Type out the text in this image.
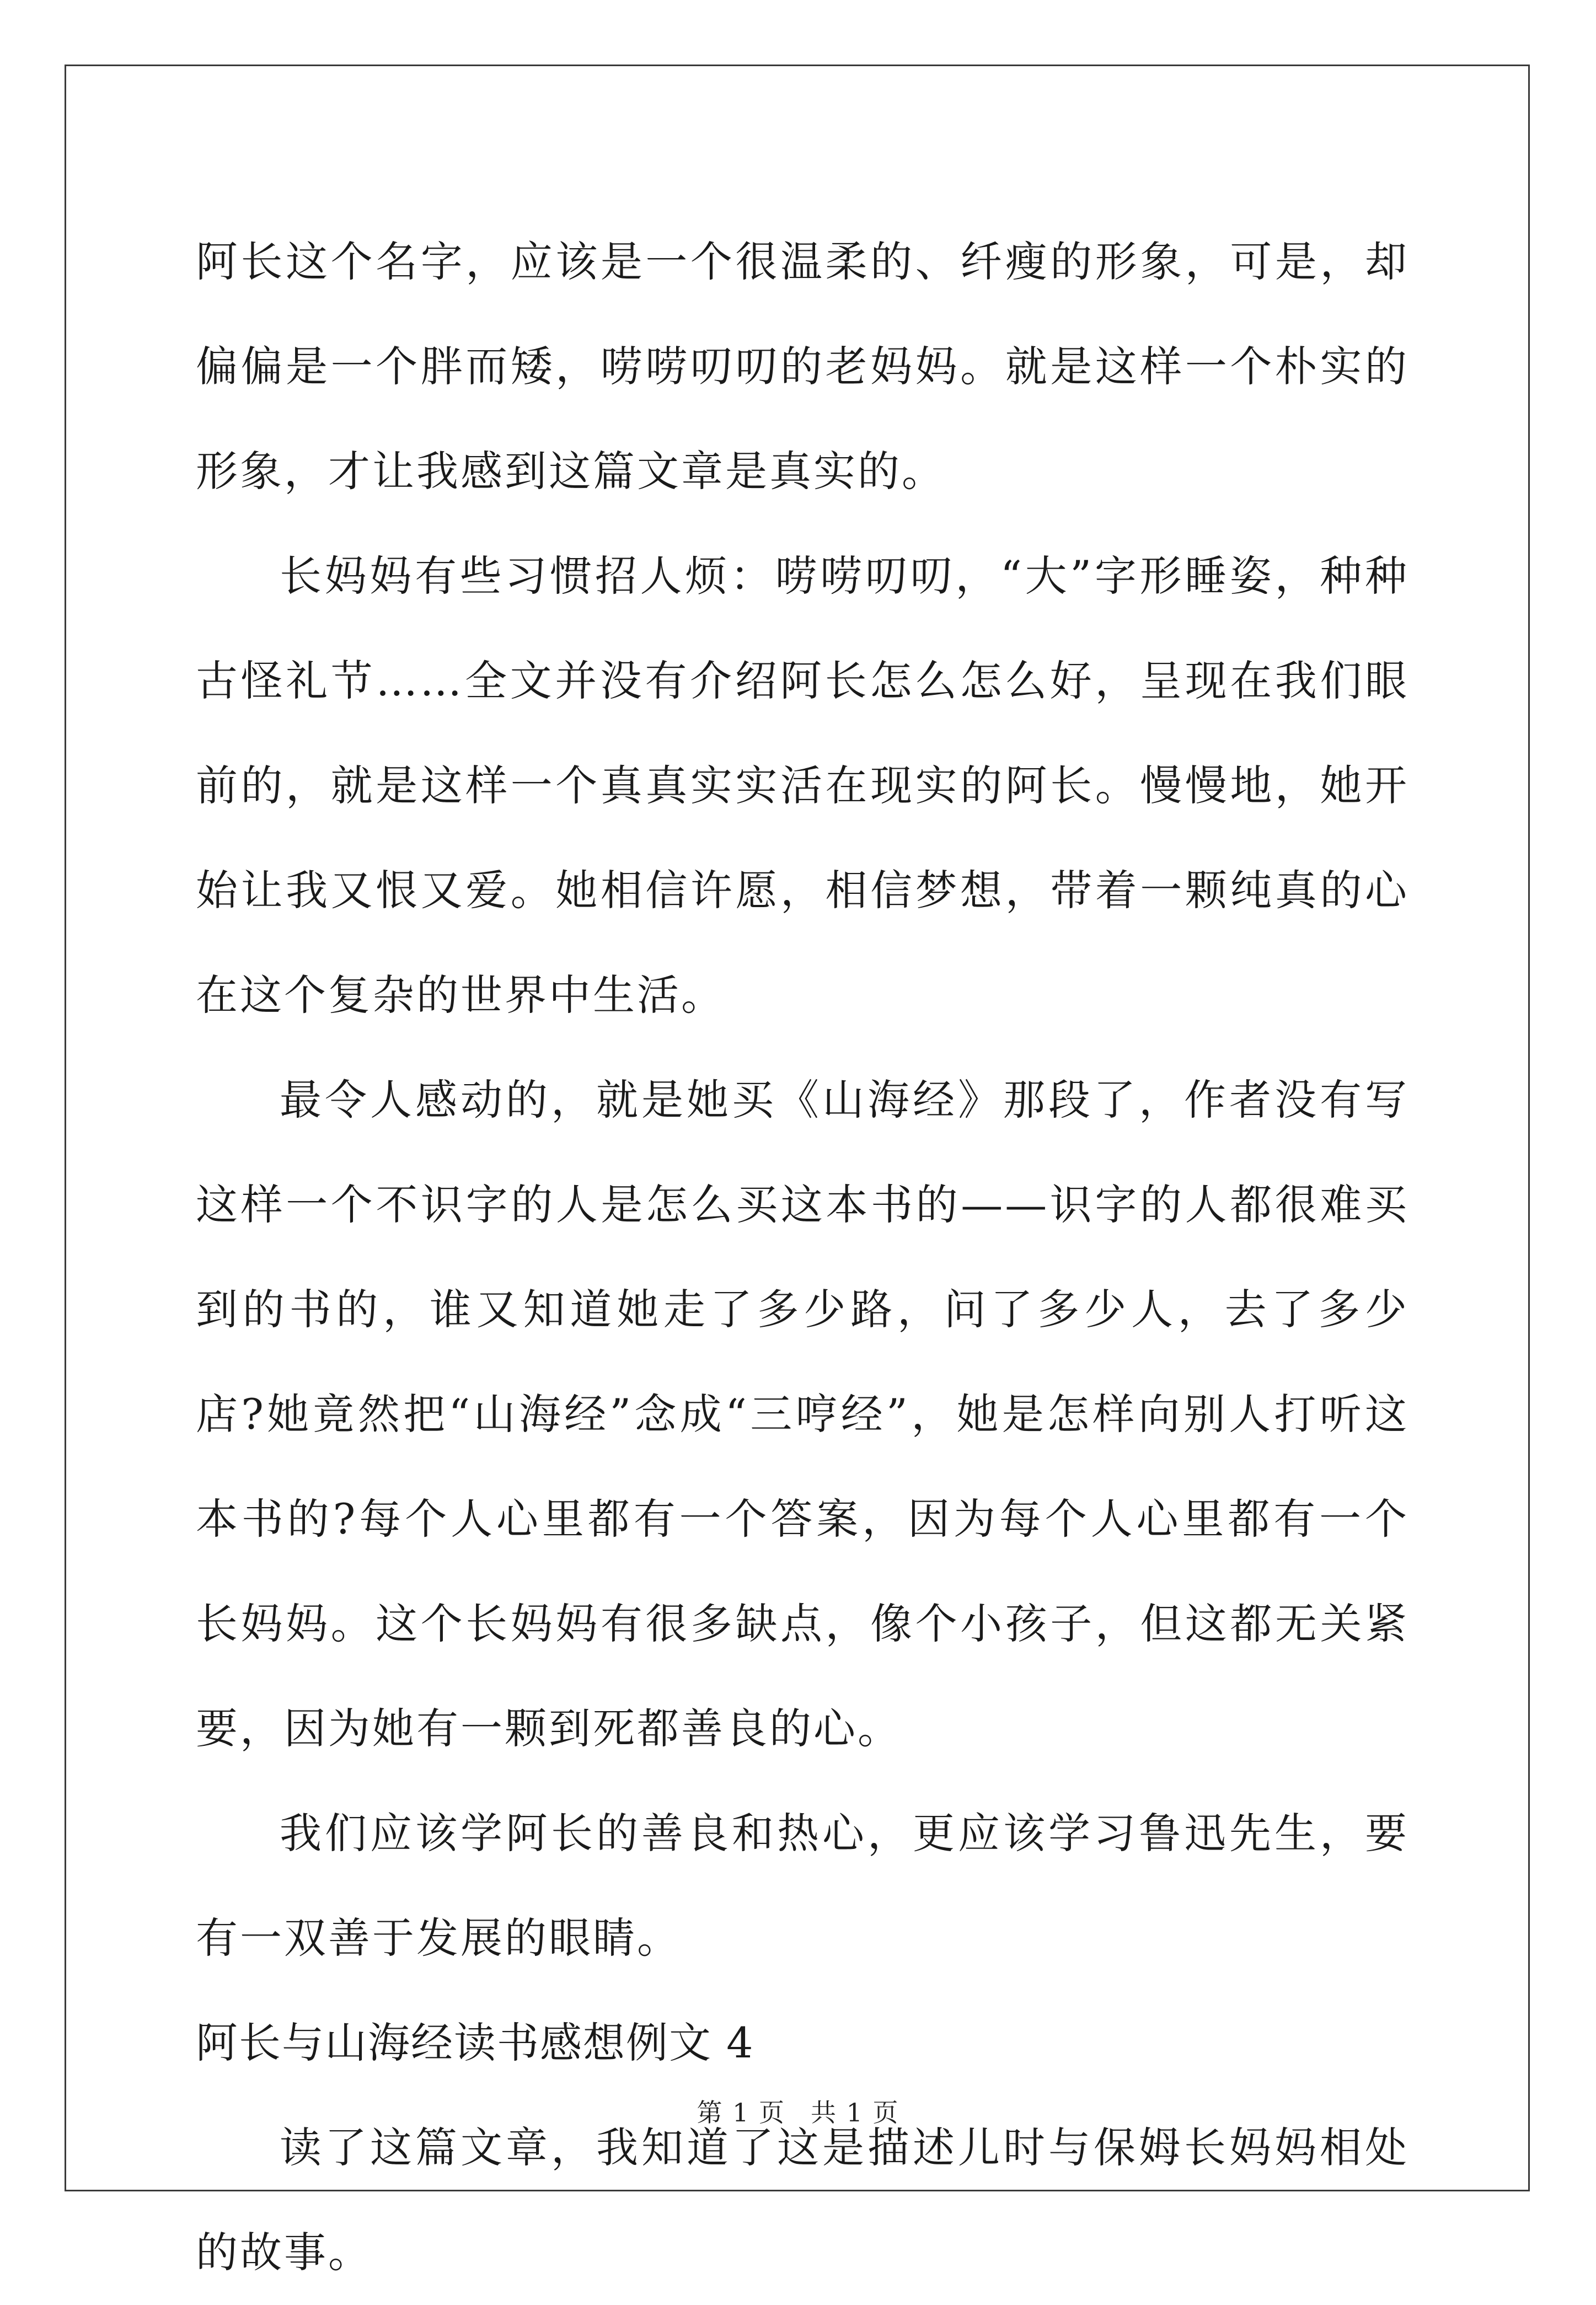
阿长这个名字，应该是一个很温柔的、纤瘦的形象，可是，却偏偏是一个胖而矮，唠唠叨叨的老妈妈。就是这样一个朴实的形象，才让我感到这篇文章是真实的。

长妈妈有些习惯招人烦：唠唠叨叨，“大”字形睡姿，种种古怪礼节……全文并没有介绍阿长怎么怎么好，呈现在我们眼前的，就是这样一个真真实实活在现实的阿长。慢慢地，她开始让我又恨又爱。她相信许愿，相信梦想，带着一颗纯真的心在这个复杂的世界中生活。

最令人感动的，就是她买《山海经》那段了，作者没有写这样一个不识字的人是怎么买这本书的——识字的人都很难买到的书的，谁又知道她走了多少路，问了多少人，去了多少店?她竟然把“山海经”念成“三哼经”，她是怎样向别人打听这本书的?每个人心里都有一个答案，因为每个人心里都有一个长妈妈。这个长妈妈有很多缺点，像个小孩子，但这都无关紧要，因为她有一颗到死都善良的心。

我们应该学阿长的善良和热心，更应该学习鲁迅先生，要有一双善于发展的眼睛。

阿长与山海经读书感想例文 4

读了这篇文章，我知道了这是描述儿时与保姆长妈妈相处的故事。

第 1 页 共 1 页
